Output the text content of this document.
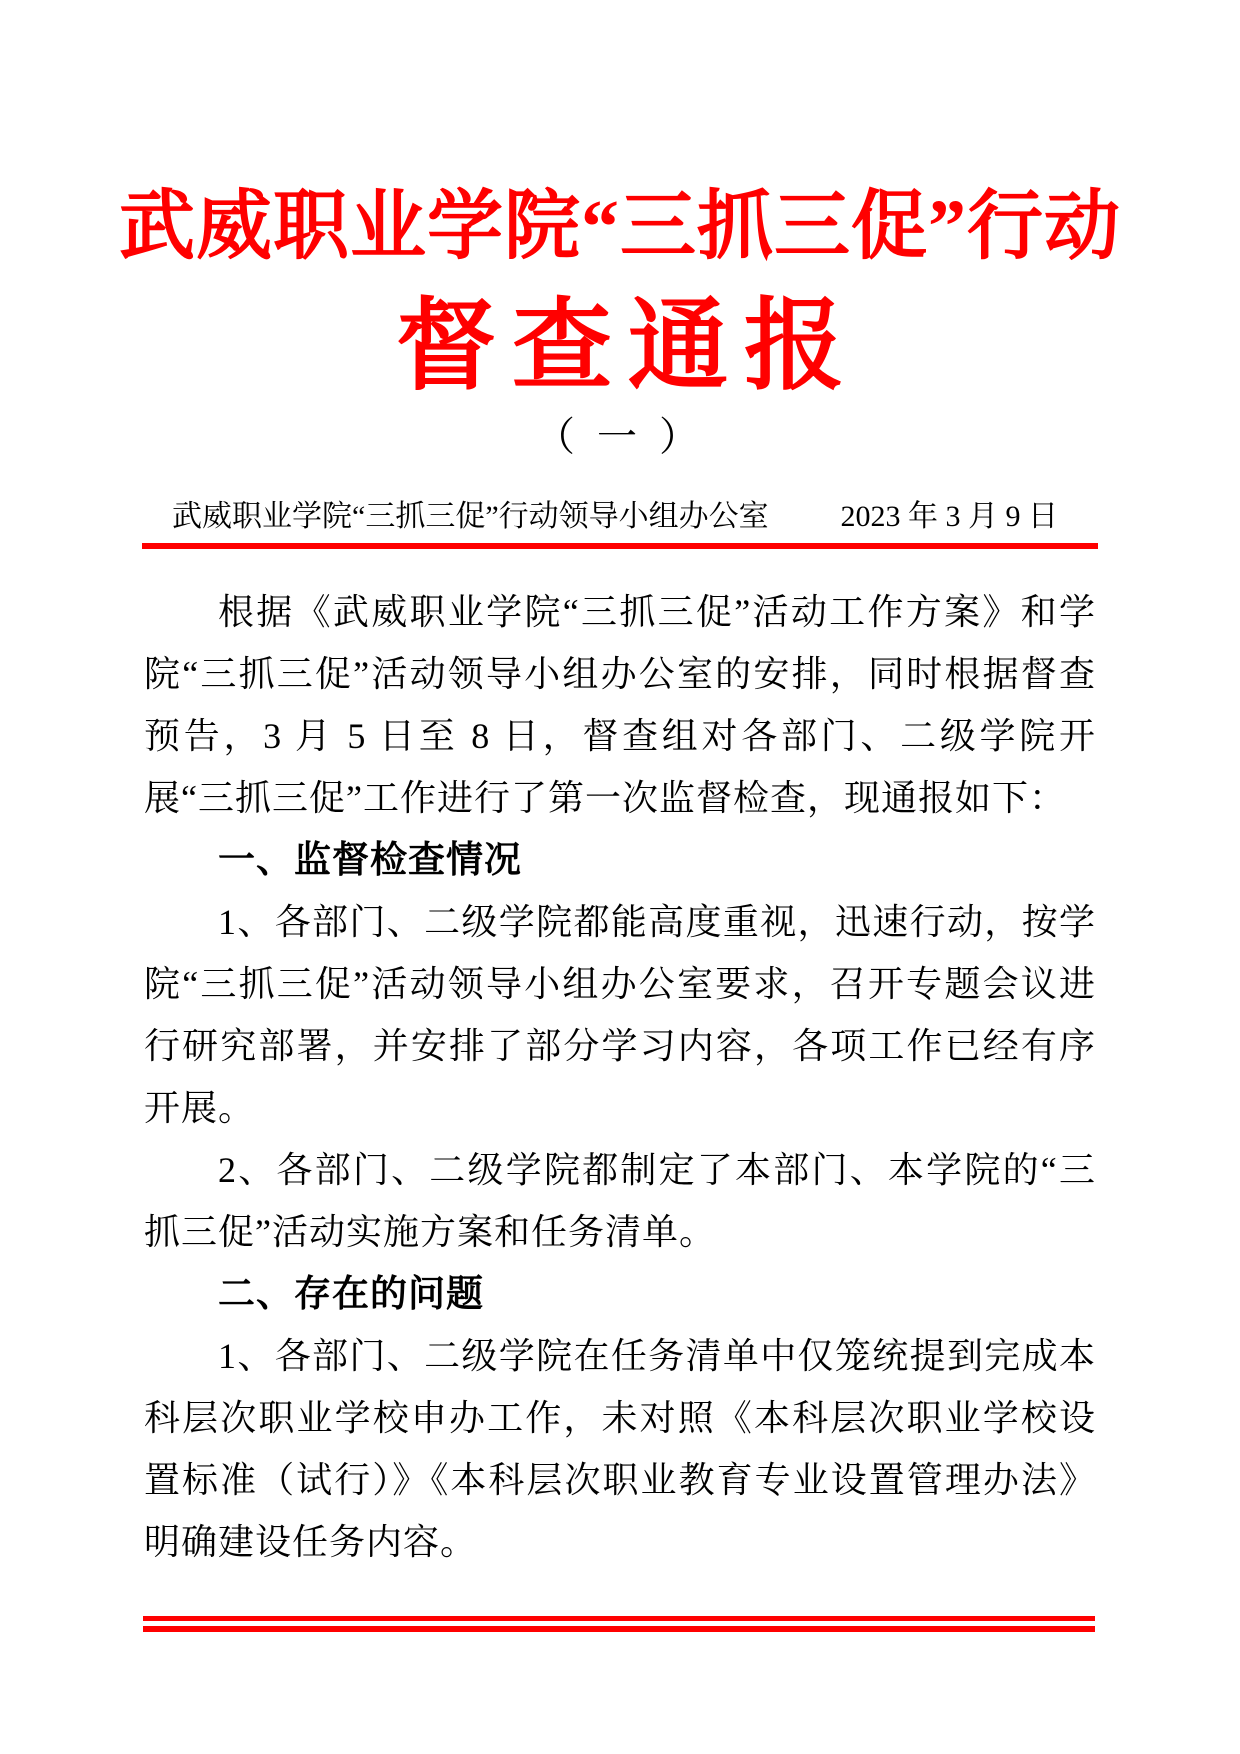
武威职业学院“三抓三促”行动
督查通报
（ 一 ）
武威职业学院“三抓三促”行动领导小组办公室 2023 年 3 月 9 日

根据《武威职业学院“三抓三促”活动工作方案》和学院“三抓三促”活动领导小组办公室的安排，同时根据督查预告，3 月 5 日至 8 日，督查组对各部门、二级学院开展“三抓三促”工作进行了第一次监督检查，现通报如下：

一、监督检查情况

1、各部门、二级学院都能高度重视，迅速行动，按学院“三抓三促”活动领导小组办公室要求，召开专题会议进行研究部署，并安排了部分学习内容，各项工作已经有序开展。

2、各部门、二级学院都制定了本部门、本学院的“三抓三促”活动实施方案和任务清单。

二、存在的问题

1、各部门、二级学院在任务清单中仅笼统提到完成本科层次职业学校申办工作，未对照《本科层次职业学校设置标准（试行）》《本科层次职业教育专业设置管理办法》明确建设任务内容。
